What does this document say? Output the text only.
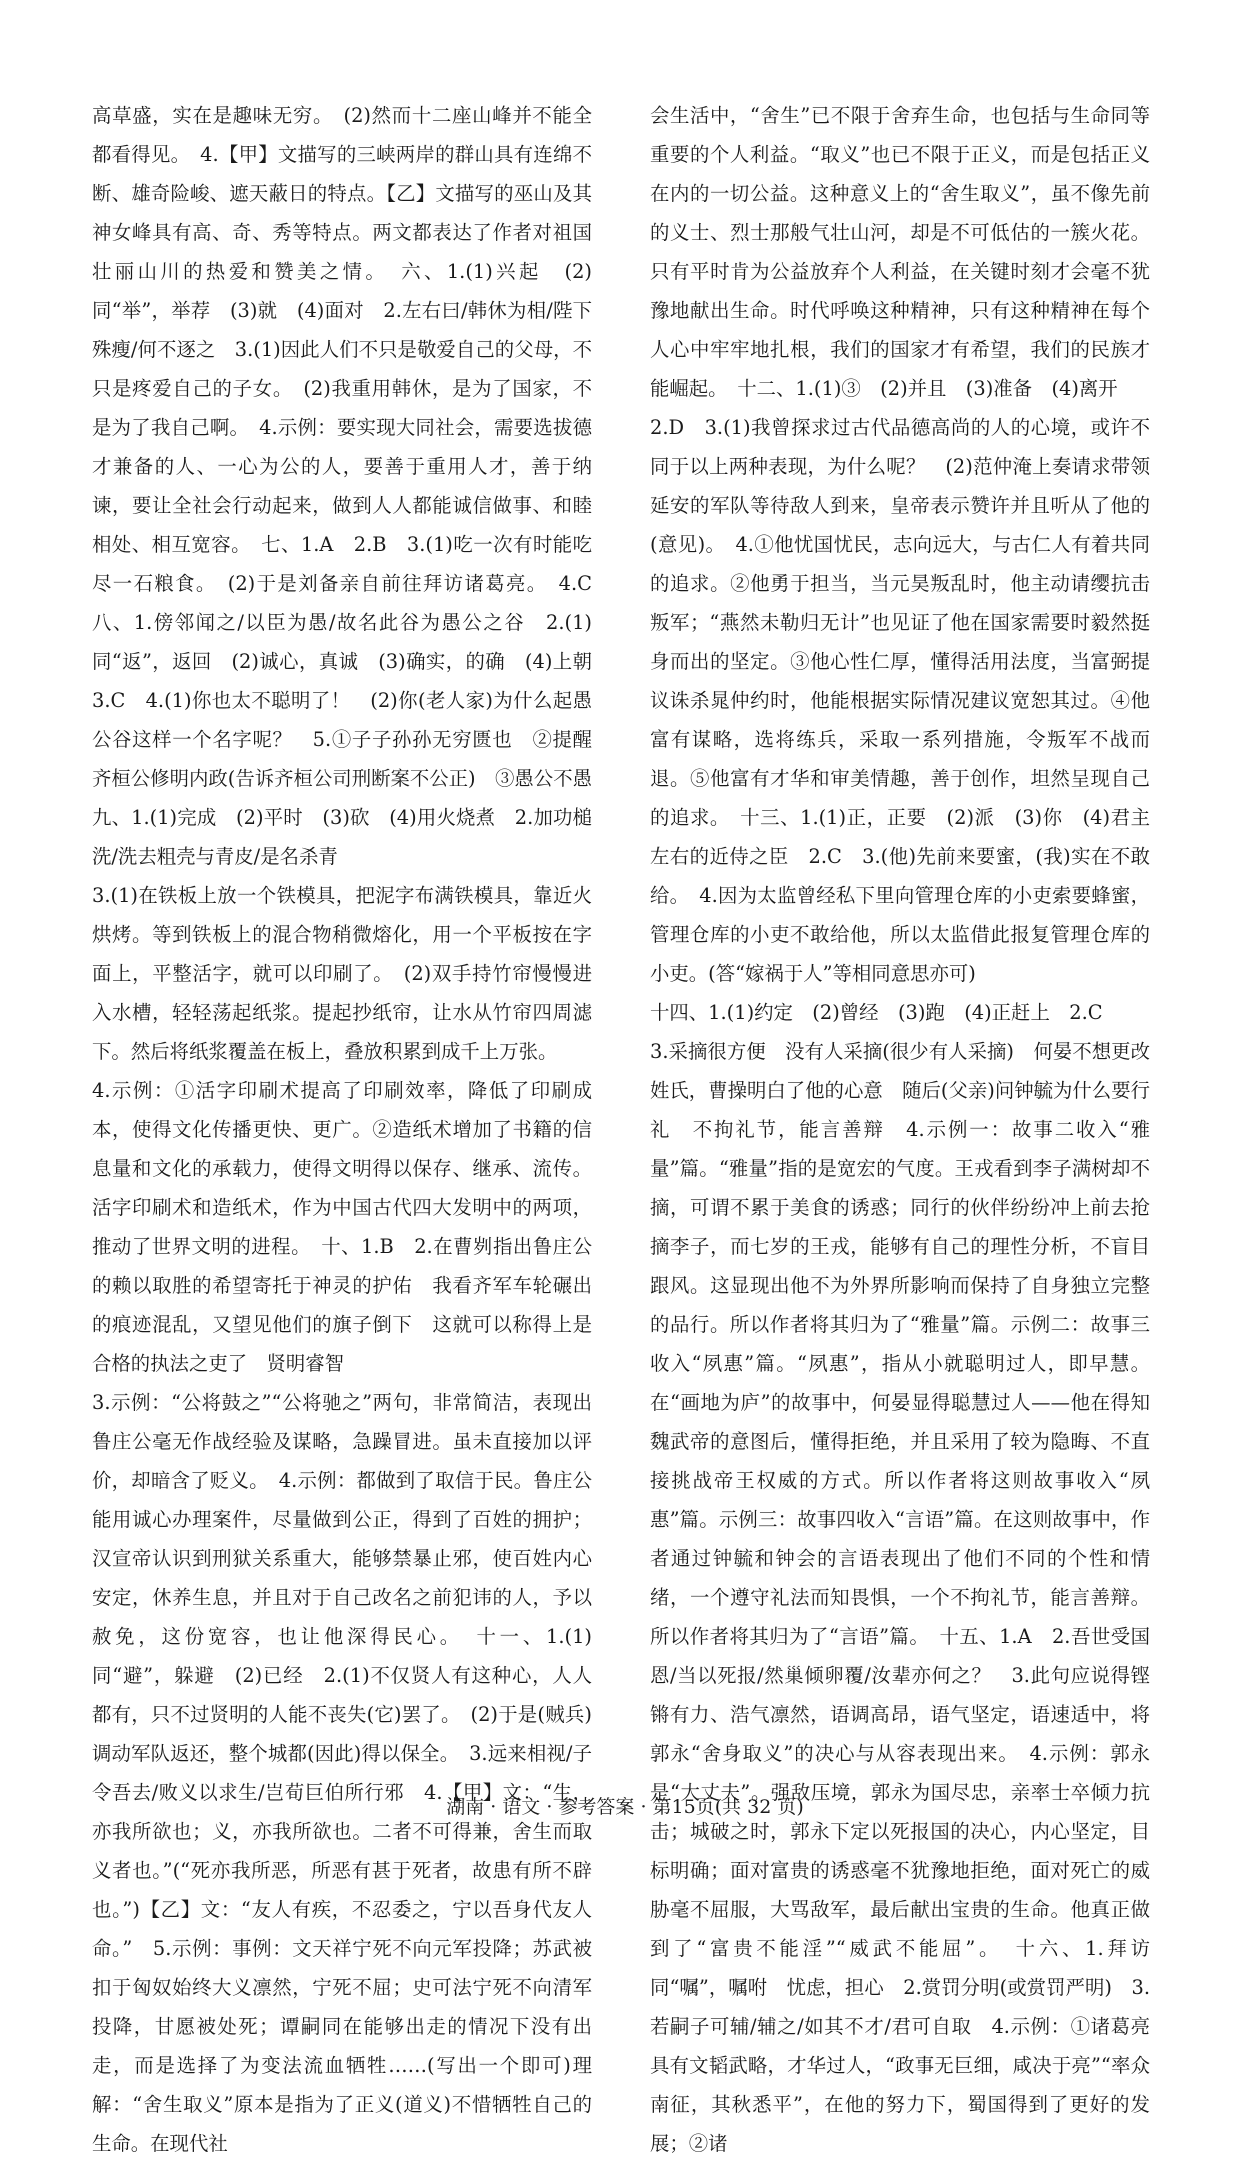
高草盛，实在是趣味无穷。　(2)然而十二座山峰并不能全都看得见。　4.【甲】文描写的三峡两岸的群山具有连绵不断、雄奇险峻、遮天蔽日的特点。【乙】文描写的巫山及其神女峰具有高、奇、秀等特点。两文都表达了作者对祖国壮丽山川的热爱和赞美之情。　六、1.(1)兴起　(2)同“举”，举荐　(3)就　(4)面对　2.左右曰/韩休为相/陛下殊瘦/何不逐之　3.(1)因此人们不只是敬爱自己的父母，不只是疼爱自己的子女。　(2)我重用韩休，是为了国家，不是为了我自己啊。　4.示例：要实现大同社会，需要选拔德才兼备的人、一心为公的人，要善于重用人才，善于纳谏，要让全社会行动起来，做到人人都能诚信做事、和睦相处、相互宽容。　七、1.A　2.B　3.(1)吃一次有时能吃尽一石粮食。　(2)于是刘备亲自前往拜访诸葛亮。　4.C　八、1.傍邻闻之/以臣为愚/故名此谷为愚公之谷　2.(1)同“返”，返回　(2)诚心，真诚　(3)确实，的确　(4)上朝　3.C　4.(1)你也太不聪明了！　(2)你(老人家)为什么起愚公谷这样一个名字呢？　5.①子子孙孙无穷匮也　②提醒齐桓公修明内政(告诉齐桓公司刑断案不公正)　③愚公不愚　九、1.(1)完成　(2)平时　(3)砍　(4)用火烧煮　2.加功槌洗/洗去粗壳与青皮/是名杀青

3.(1)在铁板上放一个铁模具，把泥字布满铁模具，靠近火烘烤。等到铁板上的混合物稍微熔化，用一个平板按在字面上，平整活字，就可以印刷了。　(2)双手持竹帘慢慢进入水槽，轻轻荡起纸浆。提起抄纸帘，让水从竹帘四周滤下。然后将纸浆覆盖在板上，叠放积累到成千上万张。

4.示例：①活字印刷术提高了印刷效率，降低了印刷成本，使得文化传播更快、更广。②造纸术增加了书籍的信息量和文化的承载力，使得文明得以保存、继承、流传。活字印刷术和造纸术，作为中国古代四大发明中的两项，推动了世界文明的进程。　十、1.B　2.在曹刿指出鲁庄公的赖以取胜的希望寄托于神灵的护佑　我看齐军车轮碾出的痕迹混乱，又望见他们的旗子倒下　这就可以称得上是合格的执法之吏了　贤明睿智

3.示例：“公将鼓之”“公将驰之”两句，非常简洁，表现出鲁庄公毫无作战经验及谋略，急躁冒进。虽未直接加以评价，却暗含了贬义。　4.示例：都做到了取信于民。鲁庄公能用诚心办理案件，尽量做到公正，得到了百姓的拥护；汉宣帝认识到刑狱关系重大，能够禁暴止邪，使百姓内心安定，休养生息，并且对于自己改名之前犯讳的人，予以赦免，这份宽容，也让他深得民心。　十一、1.(1)同“避”，躲避　(2)已经　2.(1)不仅贤人有这种心，人人都有，只不过贤明的人能不丧失(它)罢了。　(2)于是(贼兵)调动军队返还，整个城都(因此)得以保全。　3.远来相视/子令吾去/败义以求生/岂荀巨伯所行邪　4.【甲】文：“生，亦我所欲也；义，亦我所欲也。二者不可得兼，舍生而取义者也。”(“死亦我所恶，所恶有甚于死者，故患有所不辟也。”)【乙】文：“友人有疾，不忍委之，宁以吾身代友人命。”　5.示例：事例：文天祥宁死不向元军投降；苏武被扣于匈奴始终大义凛然，宁死不屈；史可法宁死不向清军投降，甘愿被处死；谭嗣同在能够出走的情况下没有出走，而是选择了为变法流血牺牲……(写出一个即可)理解：“舍生取义”原本是指为了正义(道义)不惜牺牲自己的生命。在现代社

会生活中，“舍生”已不限于舍弃生命，也包括与生命同等重要的个人利益。“取义”也已不限于正义，而是包括正义在内的一切公益。这种意义上的“舍生取义”，虽不像先前的义士、烈士那般气壮山河，却是不可低估的一簇火花。只有平时肯为公益放弃个人利益，在关键时刻才会毫不犹豫地献出生命。时代呼唤这种精神，只有这种精神在每个人心中牢牢地扎根，我们的国家才有希望，我们的民族才能崛起。　十二、1.(1)③　(2)并且　(3)准备　(4)离开

2.D　3.(1)我曾探求过古代品德高尚的人的心境，或许不同于以上两种表现，为什么呢？　(2)范仲淹上奏请求带领延安的军队等待敌人到来，皇帝表示赞许并且听从了他的(意见)。　4.①他忧国忧民，志向远大，与古仁人有着共同的追求。②他勇于担当，当元昊叛乱时，他主动请缨抗击叛军；“燕然未勒归无计”也见证了他在国家需要时毅然挺身而出的坚定。③他心性仁厚，懂得活用法度，当富弼提议诛杀晁仲约时，他能根据实际情况建议宽恕其过。④他富有谋略，选将练兵，采取一系列措施，令叛军不战而退。⑤他富有才华和审美情趣，善于创作，坦然呈现自己的追求。　十三、1.(1)正，正要　(2)派　(3)你　(4)君主左右的近侍之臣　2.C　3.(他)先前来要蜜，(我)实在不敢给。　4.因为太监曾经私下里向管理仓库的小吏索要蜂蜜，管理仓库的小吏不敢给他，所以太监借此报复管理仓库的小吏。(答“嫁祸于人”等相同意思亦可)

十四、1.(1)约定　(2)曾经　(3)跑　(4)正赶上　2.C

3.采摘很方便　没有人采摘(很少有人采摘)　何晏不想更改姓氏，曹操明白了他的心意　随后(父亲)问钟毓为什么要行礼　不拘礼节，能言善辩　4.示例一：故事二收入“雅量”篇。“雅量”指的是宽宏的气度。王戎看到李子满树却不摘，可谓不累于美食的诱惑；同行的伙伴纷纷冲上前去抢摘李子，而七岁的王戎，能够有自己的理性分析，不盲目跟风。这显现出他不为外界所影响而保持了自身独立完整的品行。所以作者将其归为了“雅量”篇。示例二：故事三收入“夙惠”篇。“夙惠”，指从小就聪明过人，即早慧。在“画地为庐”的故事中，何晏显得聪慧过人——他在得知魏武帝的意图后，懂得拒绝，并且采用了较为隐晦、不直接挑战帝王权威的方式。所以作者将这则故事收入“夙惠”篇。示例三：故事四收入“言语”篇。在这则故事中，作者通过钟毓和钟会的言语表现出了他们不同的个性和情绪，一个遵守礼法而知畏惧，一个不拘礼节，能言善辩。所以作者将其归为了“言语”篇。　十五、1.A　2.吾世受国恩/当以死报/然巢倾卵覆/汝辈亦何之？　3.此句应说得铿锵有力、浩气凛然，语调高昂，语气坚定，语速适中，将郭永“舍身取义”的决心与从容表现出来。　4.示例：郭永是“大丈夫”。强敌压境，郭永为国尽忠，亲率士卒倾力抗击；城破之时，郭永下定以死报国的决心，内心坚定，目标明确；面对富贵的诱惑毫不犹豫地拒绝，面对死亡的威胁毫不屈服，大骂敌军，最后献出宝贵的生命。他真正做到了“富贵不能淫”“威武不能屈”。　十六、1.拜访　同“嘱”，嘱咐　忧虑，担心　2.赏罚分明(或赏罚严明)　3.若嗣子可辅/辅之/如其不才/君可自取　4.示例：①诸葛亮具有文韬武略，才华过人，“政事无巨细，咸决于亮”“率众南征，其秋悉平”，在他的努力下，蜀国得到了更好的发展；②诸

湖南 · 语文 · 参考答案 · 第15页(共 32 页)
